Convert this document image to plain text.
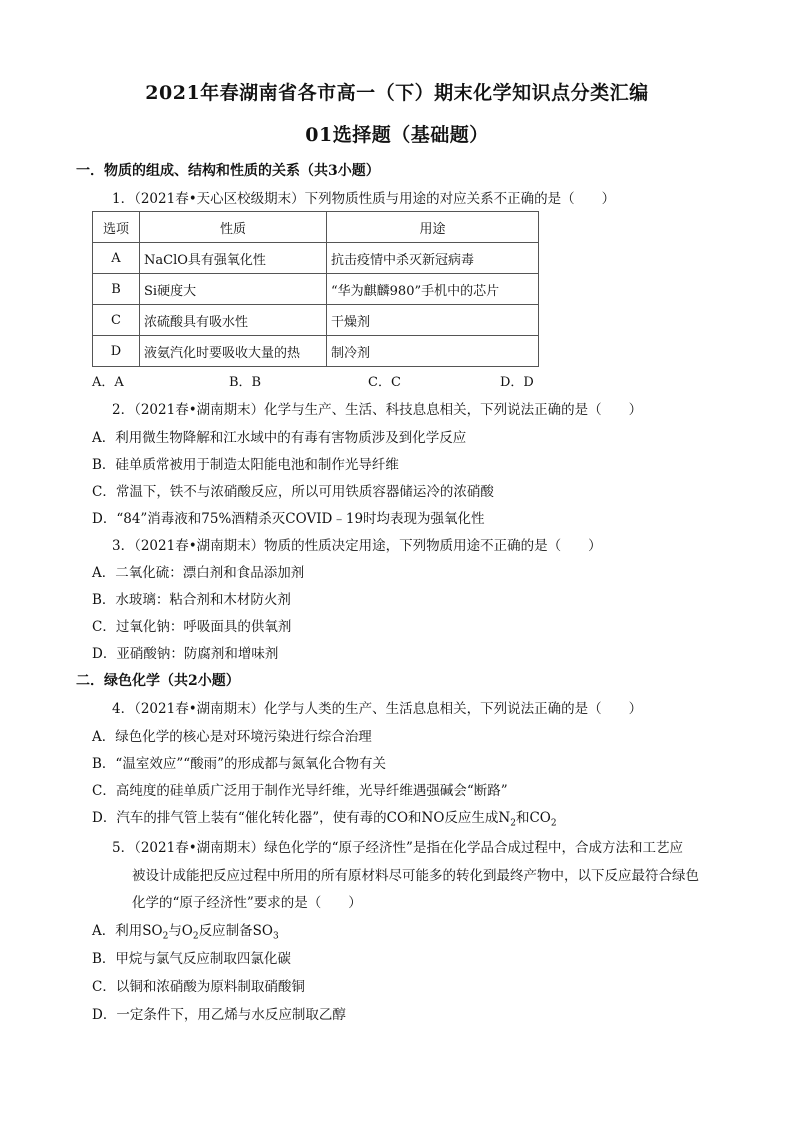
2021年春湖南省各市高一（下）期末化学知识点分类汇编
01选择题（基础题）
一．物质的组成、结构和性质的关系（共3小题）
1．（2021春•天心区校级期末）下列物质性质与用途的对应关系不正确的是（　　）
选项	性质	用途
A	NaClO具有强氧化性	抗击疫情中杀灭新冠病毒
B	Si硬度大	“华为麒麟980”手机中的芯片
C	浓硫酸具有吸水性	干燥剂
D	液氨汽化时要吸收大量的热	制冷剂
A．A	B．B	C．C	D．D
2．（2021春•湖南期末）化学与生产、生活、科技息息相关，下列说法正确的是（　　）
A．利用微生物降解和江水域中的有毒有害物质涉及到化学反应
B．硅单质常被用于制造太阳能电池和制作光导纤维
C．常温下，铁不与浓硝酸反应，所以可用铁质容器储运冷的浓硝酸
D．“84”消毒液和75%酒精杀灭COVID﹣19时均表现为强氧化性
3．（2021春•湖南期末）物质的性质决定用途，下列物质用途不正确的是（　　）
A．二氧化硫：漂白剂和食品添加剂
B．水玻璃：粘合剂和木材防火剂
C．过氧化钠：呼吸面具的供氧剂
D．亚硝酸钠：防腐剂和增味剂
二．绿色化学（共2小题）
4．（2021春•湖南期末）化学与人类的生产、生活息息相关，下列说法正确的是（　　）
A．绿色化学的核心是对环境污染进行综合治理
B．“温室效应”“酸雨”的形成都与氮氧化合物有关
C．高纯度的硅单质广泛用于制作光导纤维，光导纤维遇强碱会“断路”
D．汽车的排气管上装有“催化转化器”，使有毒的CO和NO反应生成$N_2$和$CO_2$
5．（2021春•湖南期末）绿色化学的“原子经济性”是指在化学品合成过程中，合成方法和工艺应
被设计成能把反应过程中所用的所有原材料尽可能多的转化到最终产物中，以下反应最符合绿色
化学的“原子经济性”要求的是（　　）
A．利用$SO_2$与$O_2$反应制备$SO_3$
B．甲烷与氯气反应制取四氯化碳
C．以铜和浓硝酸为原料制取硝酸铜
D．一定条件下，用乙烯与水反应制取乙醇
